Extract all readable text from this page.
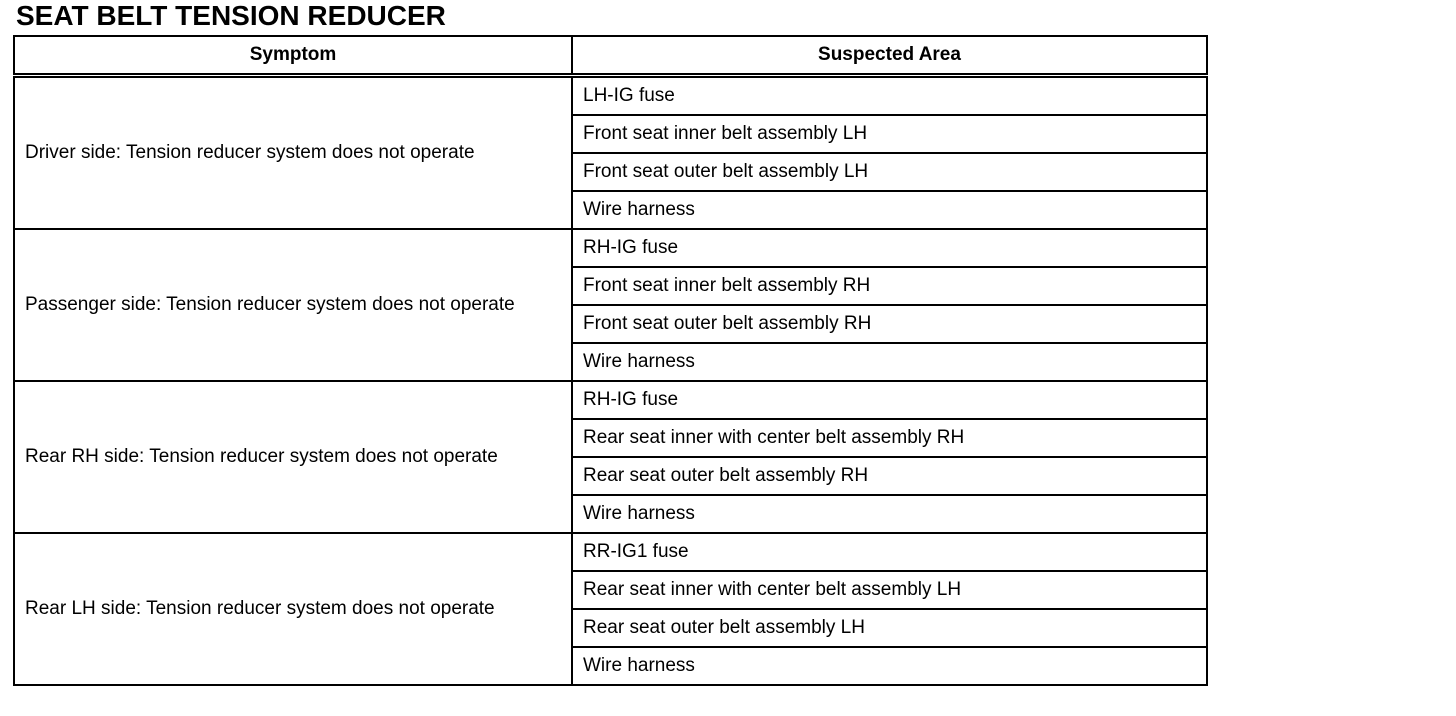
SEAT BELT TENSION REDUCER
Symptom	Suspected Area
Driver side: Tension reducer system does not operate	LH-IG fuse
	Front seat inner belt assembly LH
	Front seat outer belt assembly LH
	Wire harness
Passenger side: Tension reducer system does not operate	RH-IG fuse
	Front seat inner belt assembly RH
	Front seat outer belt assembly RH
	Wire harness
Rear RH side: Tension reducer system does not operate	RH-IG fuse
	Rear seat inner with center belt assembly RH
	Rear seat outer belt assembly RH
	Wire harness
Rear LH side: Tension reducer system does not operate	RR-IG1 fuse
	Rear seat inner with center belt assembly LH
	Rear seat outer belt assembly LH
	Wire harness
